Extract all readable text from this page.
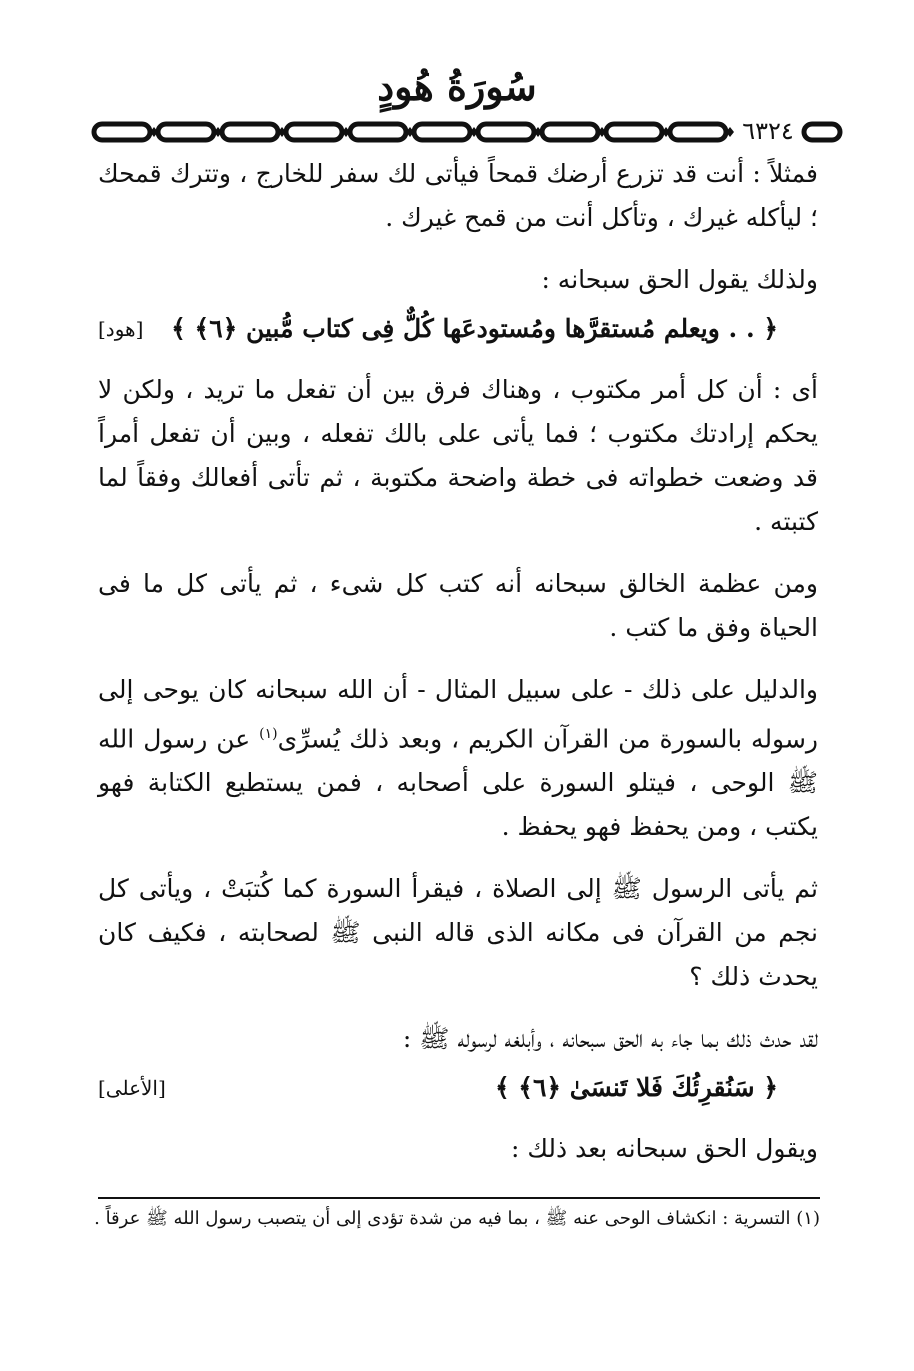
سُورَةُ هُودٍ
٦٣٢٤

فمثلاً : أنت قد تزرع أرضك قمحاً فيأتى لك سفر للخارج ، وتترك قمحك ؛ ليأكله غيرك ، وتأكل أنت من قمح غيرك .

ولذلك يقول الحق سبحانه :

﴿ . . ويعلم مُستقرَّها ومُستودعَها كُلٌّ فِى كتاب مُّبين ﴿٦﴾ ﴾
[هود]

أى : أن كل أمر مكتوب ، وهناك فرق بين أن تفعل ما تريد ، ولكن لا يحكم إرادتك مكتوب ؛ فما يأتى على بالك تفعله ، وبين أن تفعل أمراً قد وضعت خطواته فى خطة واضحة مكتوبة ، ثم تأتى أفعالك وفقاً لما كتبته .

ومن عظمة الخالق سبحانه أنه كتب كل شىء ، ثم يأتى كل ما فى الحياة وفق ما كتب .

والدليل على ذلك - على سبيل المثال - أن الله سبحانه كان يوحى إلى رسوله بالسورة من القرآن الكريم ، وبعد ذلك يُسرِّى$^{(١)}$ عن رسول الله ﷺ الوحى ، فيتلو السورة على أصحابه ، فمن يستطيع الكتابة فهو يكتب ، ومن يحفظ فهو يحفظ .

ثم يأتى الرسول ﷺ إلى الصلاة ، فيقرأ السورة كما كُتبَتْ ، ويأتى كل نجم من القرآن فى مكانه الذى قاله النبى ﷺ لصحابته ، فكيف كان يحدث ذلك ؟

لقد حدث ذلك بما جاء به الحق سبحانه ، وأبلغه لرسوله ﷺ :

﴿ سَنُقرِئُكَ فَلا تَنسَىٰ ﴿٦﴾ ﴾
[الأعلى]

ويقول الحق سبحانه بعد ذلك :

(١) التسرية : انكشاف الوحى عنه ﷺ ، بما فيه من شدة تؤدى إلى أن يتصبب رسول الله ﷺ عرقاً .
